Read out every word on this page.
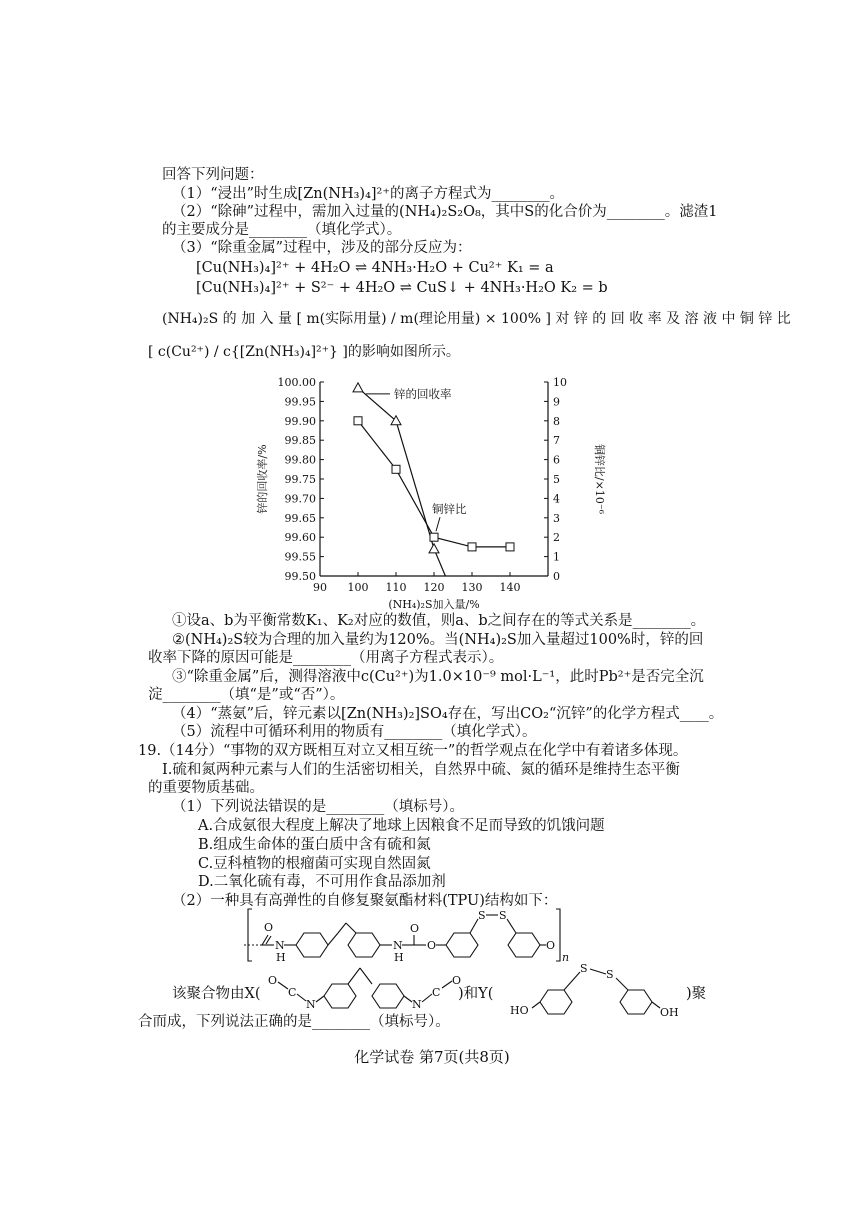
回答下列问题：
（1）“浸出”时生成[Zn(NH₃)₄]²⁺的离子方程式为________。
（2）“除砷”过程中，需加入过量的(NH₄)₂S₂O₈，其中S的化合价为________。滤渣1
的主要成分是________（填化学式）。
（3）“除重金属”过程中，涉及的部分反应为：
[Cu(NH₃)₄]²⁺ + 4H₂O ⇌ 4NH₃·H₂O + Cu²⁺ K₁ = a
[Cu(NH₃)₄]²⁺ + S²⁻ + 4H₂O ⇌ CuS↓ + 4NH₃·H₂O K₂ = b
(NH₄)₂S 的 加 入 量 [ m(实际用量) / m(理论用量) × 100% ] 对 锌 的 回 收 率 及 溶 液 中 铜 锌 比
[ c(Cu²⁺) / c{[Zn(NH₃)₄]²⁺} ]的影响如图所示。
100.00
99.95
99.90
99.85
99.80
99.75
99.70
99.65
99.60
99.55
99.50
10
9
8
7
6
5
4
3
2
1
0
90 100 110 120 130 140
(NH₄)₂S加入量/%
锌的回收率/%	铜锌比/×10⁻⁶
锌的回收率
铜锌比
①设a、b为平衡常数K₁、K₂对应的数值，则a、b之间存在的等式关系是________。
②(NH₄)₂S较为合理的加入量约为120%。当(NH₄)₂S加入量超过100%时，锌的回
收率下降的原因可能是________（用离子方程式表示）。
③“除重金属”后，测得溶液中c(Cu²⁺)为1.0×10⁻⁹ mol·L⁻¹，此时Pb²⁺是否完全沉
淀________（填“是”或“否”）。
（4）“蒸氨”后，锌元素以[Zn(NH₃)₂]SO₄存在，写出CO₂“沉锌”的化学方程式____。
（5）流程中可循环利用的物质有________（填化学式）。
19.（14分）“事物的双方既相互对立又相互统一”的哲学观点在化学中有着诸多体现。
Ⅰ.硫和氮两种元素与人们的生活密切相关，自然界中硫、氮的循环是维持生态平衡
的重要物质基础。
（1）下列说法错误的是________（填标号）。
A.合成氨很大程度上解决了地球上因粮食不足而导致的饥饿问题
B.组成生命体的蛋白质中含有硫和氮
C.豆科植物的根瘤菌可实现自然固氮
D.二氧化硫有毒，不可用作食品添加剂
（2）一种具有高弹性的自修复聚氨酯材料(TPU)结构如下：
O
N
H
N
H
O
O
S S
O
n
该聚合物由X(
O
C
N	N
C
O
)和Y(
HO
S S
OH
)聚
合而成，下列说法正确的是________（填标号）。
化学试卷 第7页(共8页)
